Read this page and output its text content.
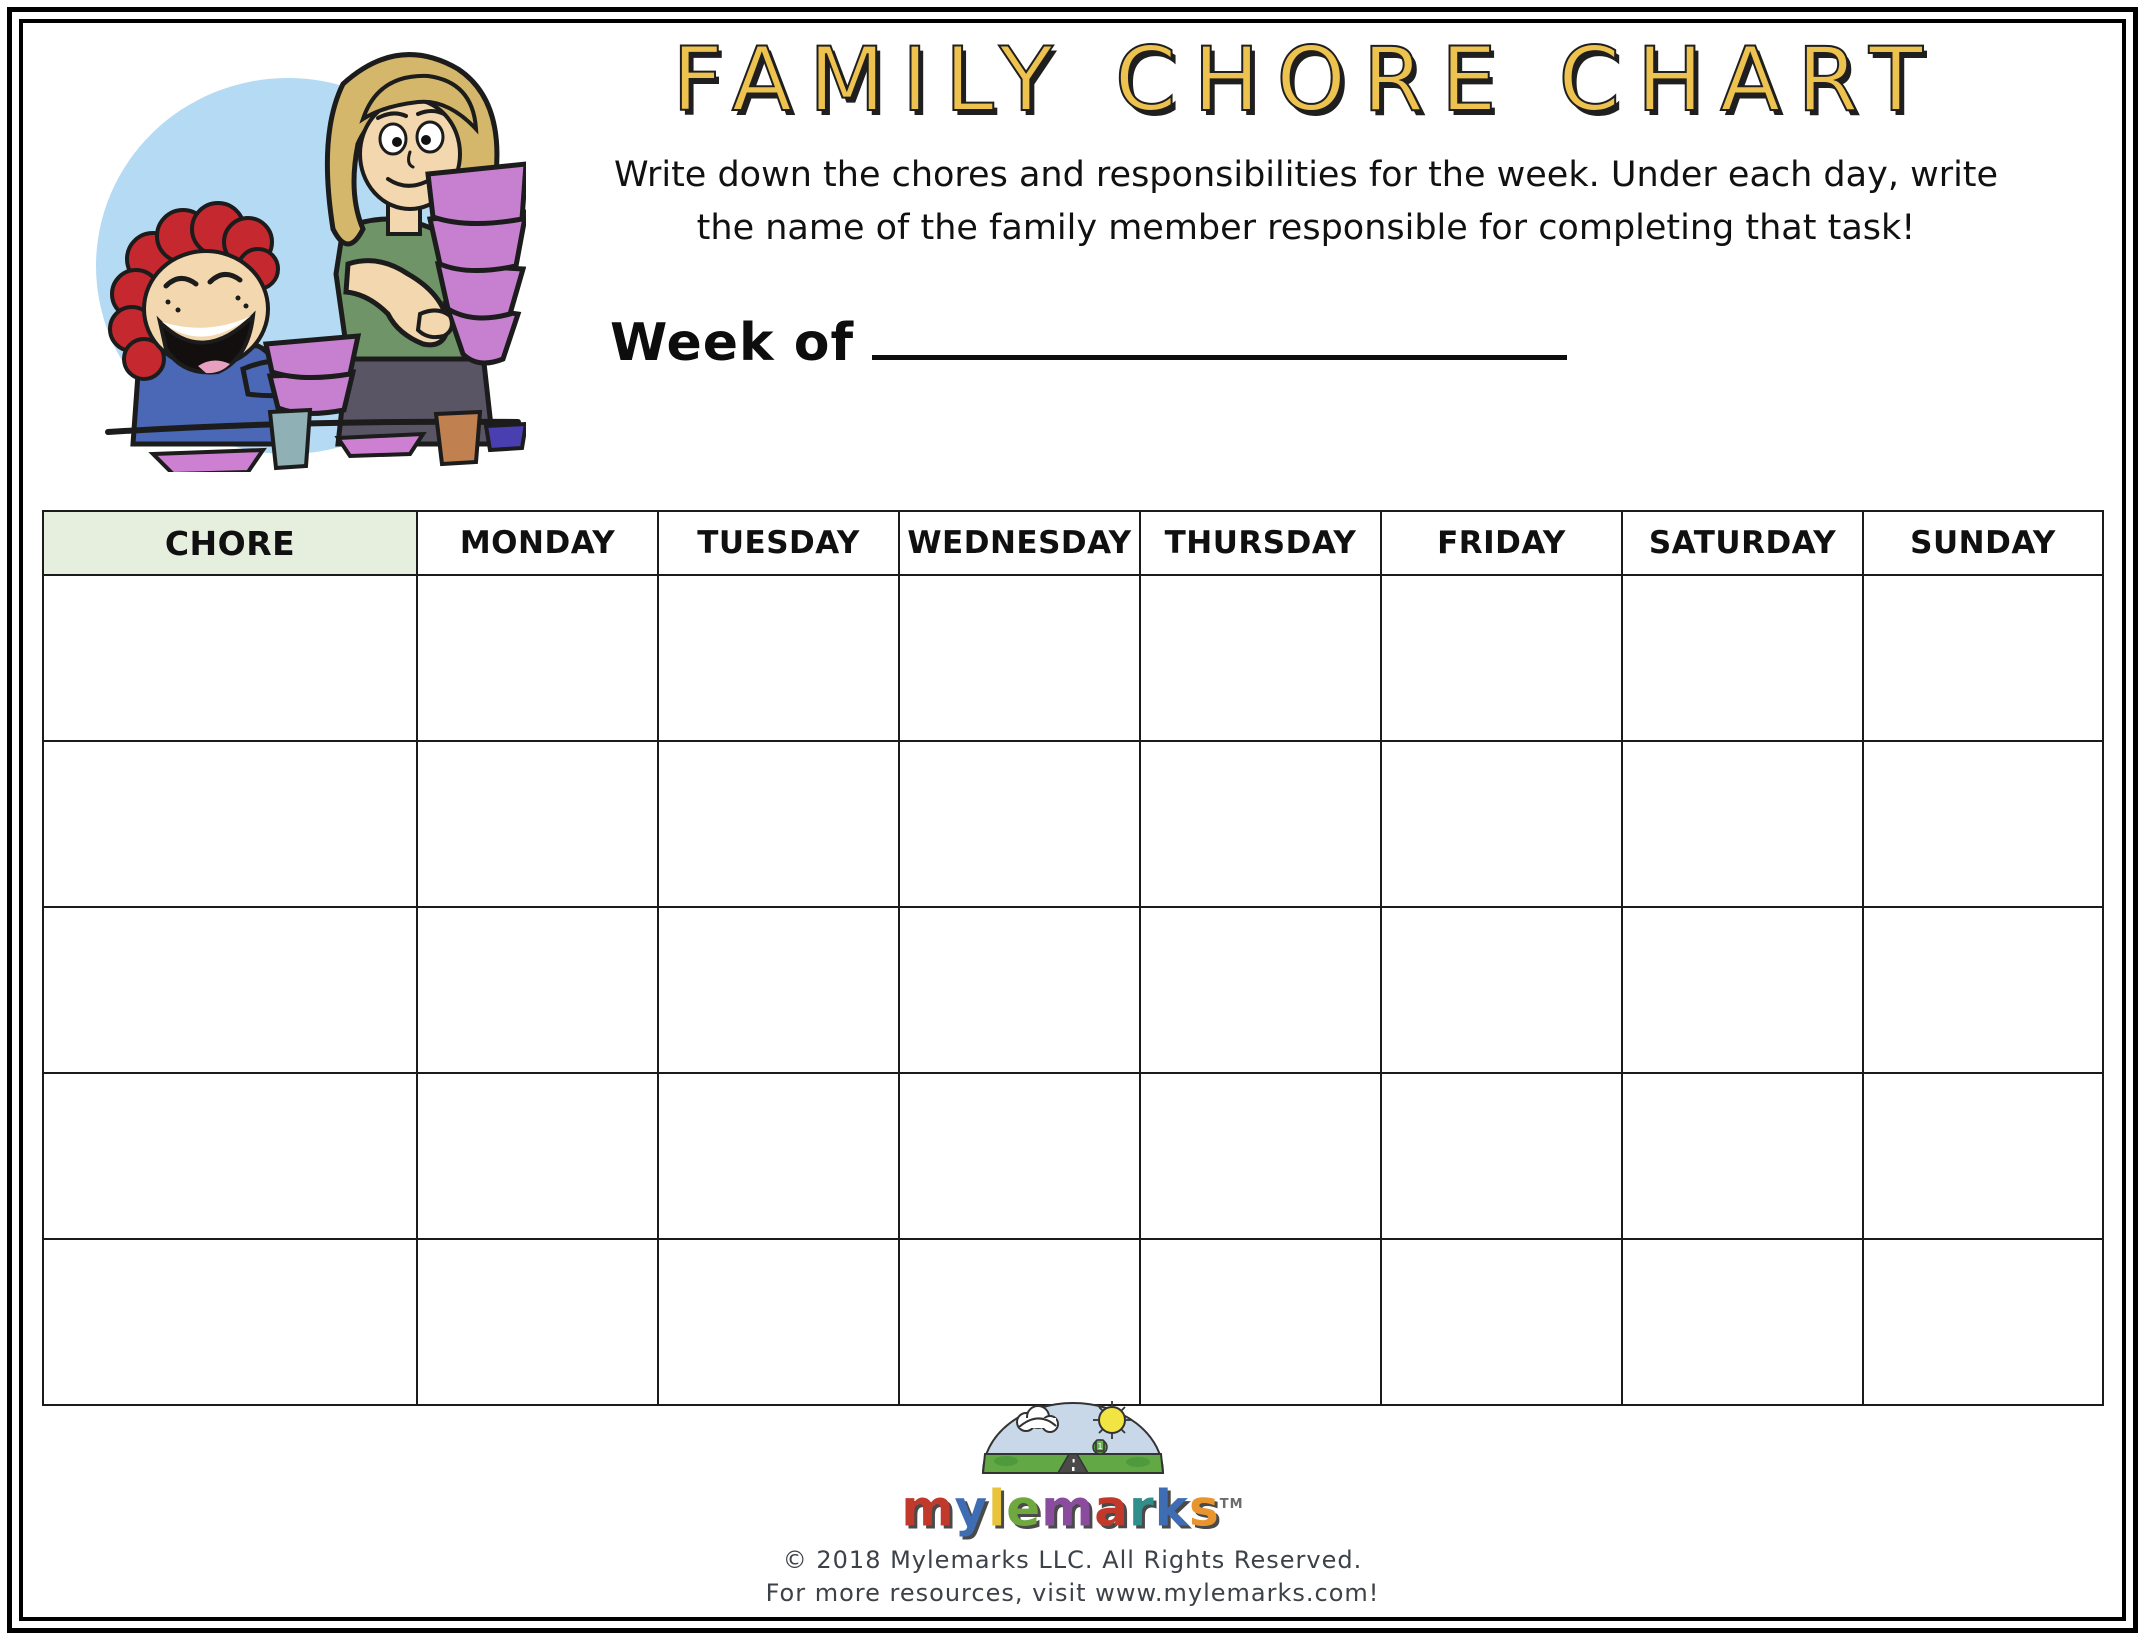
FAMILY CHORE CHART
Write down the chores and responsibilities for the week. Under each day, write
the name of the family member responsible for completing that task!
Week of
CHORE	MONDAY	TUESDAY	WEDNESDAY	THURSDAY	FRIDAY	SATURDAY	SUNDAY

1
mylemarks™
© 2018 Mylemarks LLC. All Rights Reserved.
For more resources, visit www.mylemarks.com!
